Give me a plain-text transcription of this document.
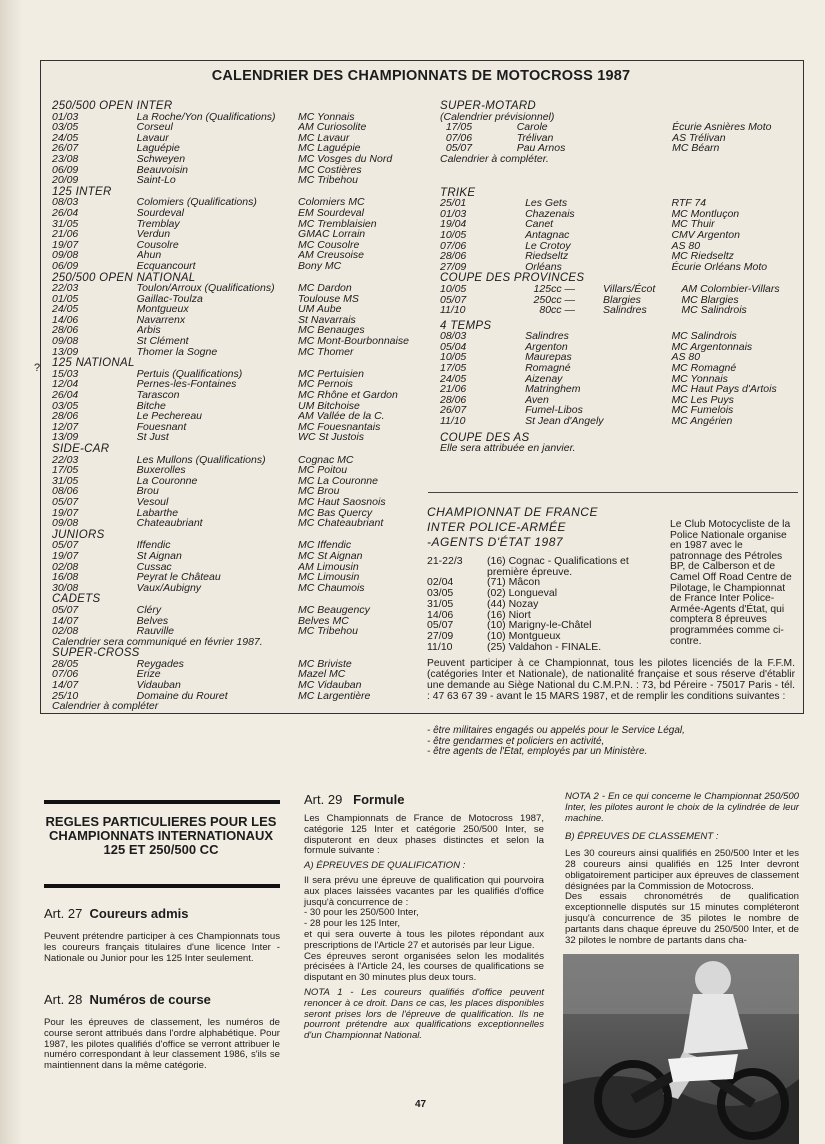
CALENDRIER DES CHAMPIONNATS DE MOTOCROSS 1987
?
250/500 OPEN INTER
01/03	La Roche/Yon (Qualifications)	MC Yonnais
03/05	Corseul	AM Curiosolite
24/05	Lavaur	MC Lavaur
26/07	Laguépie	MC Laguépie
23/08	Schweyen	MC Vosges du Nord
06/09	Beauvoisin	MC Costières
20/09	Saint-Lo	MC Tribehou
125 INTER
08/03	Colomiers (Qualifications)	Colomiers MC
26/04	Sourdeval	EM Sourdeval
31/05	Tremblay	MC Tremblaisien
21/06	Verdun	GMAC Lorrain
19/07	Cousolre	MC Cousolre
09/08	Ahun	AM Creusoise
06/09	Ecquancourt	Bony MC
250/500 OPEN NATIONAL
22/03	Toulon/Arroux (Qualifications)	MC Dardon
01/05	Gaillac-Toulza	Toulouse MS
24/05	Montgueux	UM Aube
14/06	Navarrenx	St Navarrais
28/06	Arbis	MC Benauges
09/08	St Clément	MC Mont-Bourbonnaise
13/09	Thomer la Sogne	MC Thomer
125 NATIONAL
15/03	Pertuis (Qualifications)	MC Pertuisien
12/04	Pernes-les-Fontaines	MC Pernois
26/04	Tarascon	MC Rhône et Gardon
03/05	Bitche	UM Bitchoise
28/06	Le Pechereau	AM Vallée de la C.
12/07	Fouesnant	MC Fouesnantais
13/09	St Just	WC St Justois
SIDE-CAR
22/03	Les Mullons (Qualifications)	Cognac MC
17/05	Buxerolles	MC Poitou
31/05	La Couronne	MC La Couronne
08/06	Brou	MC Brou
05/07	Vesoul	MC Haut Saosnois
19/07	Labarthe	MC Bas Quercy
09/08	Chateaubriant	MC Chateaubriant
JUNIORS
05/07	Iffendic	MC Iffendic
19/07	St Aignan	MC St Aignan
02/08	Cussac	AM Limousin
16/08	Peyrat le Château	MC Limousin
30/08	Vaux/Aubigny	MC Chaumois
CADETS
05/07	Cléry	MC Beaugency
14/07	Belves	Belves MC
02/08	Rauville	MC Tribehou
Calendrier sera communiqué en février 1987.
SUPER-CROSS
28/05	Reygades	MC Briviste
07/06	Erize	Mazel MC
14/07	Vidauban	MC Vidauban
25/10	Domaine du Rouret	MC Largentière
Calendrier à compléter
SUPER-MOTARD
(Calendrier prévisionnel)
17/05	Carole	Écurie Asnières Moto
07/06	Trélivan	AS Trélivan
05/07	Pau Arnos	MC Béarn
Calendrier à compléter.
TRIKE
25/01	Les Gets	RTF 74
01/03	Chazenais	MC Montluçon
19/04	Canet	MC Thuir
10/05	Antagnac	CMV Argenton
07/06	Le Crotoy	AS 80
28/06	Riedseltz	MC Riedseltz
27/09	Orléans	Écurie Orléans Moto
COUPE DES PROVINCES
10/05	125cc —	Villars/Écot	AM Colombier-Villars
05/07	250cc —	Blargies	MC Blargies
11/10	80cc —	Salindres	MC Salindrois
4 TEMPS
08/03	Salindres	MC Salindrois
05/04	Argenton	MC Argentonnais
10/05	Maurepas	AS 80
17/05	Romagné	MC Romagné
24/05	Aizenay	MC Yonnais
21/06	Matringhem	MC Haut Pays d'Artois
28/06	Aven	MC Les Puys
26/07	Fumel-Libos	MC Fumelois
11/10	St Jean d'Angely	MC Angérien
COUPE DES AS
Elle sera attribuée en janvier.
CHAMPIONNAT DE FRANCE
INTER POLICE-ARMÉE
-AGENTS D'ÉTAT 1987
21-22/3	(16) Cognac - Qualifications et
première épreuve.
02/04	(71) Mâcon
03/05	(02) Longueval
31/05	(44) Nozay
14/06	(16) Niort
05/07	(10) Marigny-le-Châtel
27/09	(10) Montgueux
11/10	(25) Valdahon - FINALE.
Le Club Motocycliste de la Police Nationale organise en 1987 avec le patronnage des Pétroles BP, de Calberson et de Camel Off Road Centre de Pilotage, le Championnat de France Inter Police-Armée-Agents d'État, qui comptera 8 épreuves programmées comme ci-contre.
Peuvent participer à ce Championnat, tous les pilotes licenciés de la F.F.M. (catégories Inter et Nationale), de nationalité française et sous réserve d'établir une demande au Siège National du C.M.P.N. : 73, bd Péreire - 75017 Paris - tél. : 47 63 67 39 - avant le 15 MARS 1987, et de remplir les conditions suivantes :
- être militaires engagés ou appelés pour le Service Légal,
- être gendarmes et policiers en activité,
- être agents de l'État, employés par un Ministère.
REGLES PARTICULIERES POUR LES CHAMPIONNATS INTERNATIONAUX 125 ET 250/500 CC
Art. 27 Coureurs admis
Peuvent prétendre participer à ces Championnats tous les coureurs français titulaires d'une licence Inter - Nationale ou Junior pour les 125 Inter seulement.
Art. 28 Numéros de course
Pour les épreuves de classement, les numéros de course seront attribués dans l'ordre alphabétique. Pour 1987, les pilotes qualifiés d'office se verront attribuer le numéro correspondant à leur classement 1986, s'ils se maintiennent dans la même catégorie.
Art. 29 Formule
Les Championnats de France de Motocross 1987, catégorie 125 Inter et catégorie 250/500 Inter, se disputeront en deux phases distinctes et selon la formule suivante :
A) ÉPREUVES DE QUALIFICATION :
Il sera prévu une épreuve de qualification qui pourvoira aux places laissées vacantes par les qualifiés d'office jusqu'à concurrence de :
- 30 pour les 250/500 Inter,
- 28 pour les 125 Inter,
et qui sera ouverte à tous les pilotes répondant aux prescriptions de l'Article 27 et autorisés par leur Ligue.
Ces épreuves seront organisées selon les modalités précisées à l'Article 24, les courses de qualifications se disputant en 30 minutes plus deux tours.
NOTA 1 - Les coureurs qualifiés d'office peuvent renoncer à ce droit. Dans ce cas, les places disponibles seront prises lors de l'épreuve de qualification. Ils ne pourront prétendre aux qualifications exceptionnelles d'un Championnat National.
NOTA 2 - En ce qui concerne le Championnat 250/500 Inter, les pilotes auront le choix de la cylindrée de leur machine.
B) ÉPREUVES DE CLASSEMENT :
Les 30 coureurs ainsi qualifiés en 250/500 Inter et les 28 coureurs ainsi qualifiés en 125 Inter devront obligatoirement participer aux épreuves de classement désignées par la Commission de Motocross.
Des essais chronométrés de qualification exceptionnelle disputés sur 15 minutes compléteront jusqu'à concurrence de 35 pilotes le nombre de partants dans chaque épreuve du 250/500 Inter, et de 32 pilotes le nombre de partants dans cha-
47
